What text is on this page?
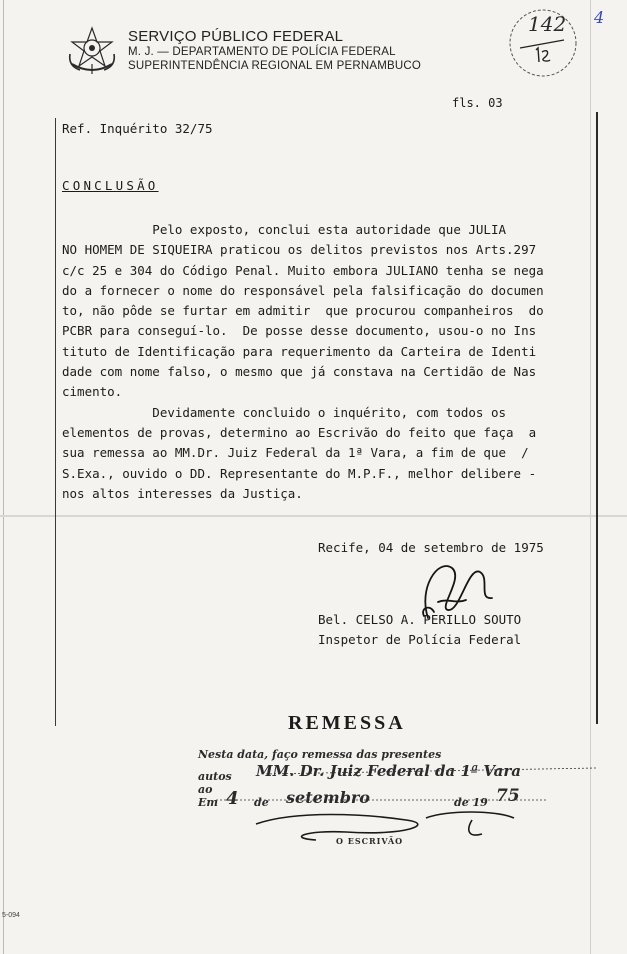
SERVIÇO PÚBLICO FEDERAL
M. J. — DEPARTAMENTO DE POLÍCIA FEDERAL
SUPERINTENDÊNCIA REGIONAL EM PERNAMBUCO
142 4
fls. 03
Ref. Inquérito 32/75
CONCLUSÃO
Pelo exposto, conclui esta autoridade que JULIA
NO HOMEM DE SIQUEIRA praticou os delitos previstos nos Arts.297
c/c 25 e 304 do Código Penal. Muito embora JULIANO tenha se nega
do a fornecer o nome do responsável pela falsificação do documen
to, não pôde se furtar em admitir  que procurou companheiros  do
PCBR para conseguí-lo.  De posse desse documento, usou-o no Ins
tituto de Identificação para requerimento da Carteira de Identi
dade com nome falso, o mesmo que já constava na Certidão de Nas
cimento.
Devidamente concluido o inquérito, com todos os
elementos de provas, determino ao Escrivão do feito que faça  a
sua remessa ao MM.Dr. Juiz Federal da 1ª Vara, a fim de que  /
S.Exa., ouvido o DD. Representante do M.P.F., melhor delibere -
nos altos interesses da Justiça.
Recife, 04 de setembro de 1975
Bel. CELSO A. PERILLO SOUTO
Inspetor de Polícia Federal
REMESSA
Nesta data, faço remessa das presentes
autos ao
MM. Dr. Juiz Federal da 1ª Vara
Em 4 de setembro	de 19 75
O ESCRIVÃO
5-094
